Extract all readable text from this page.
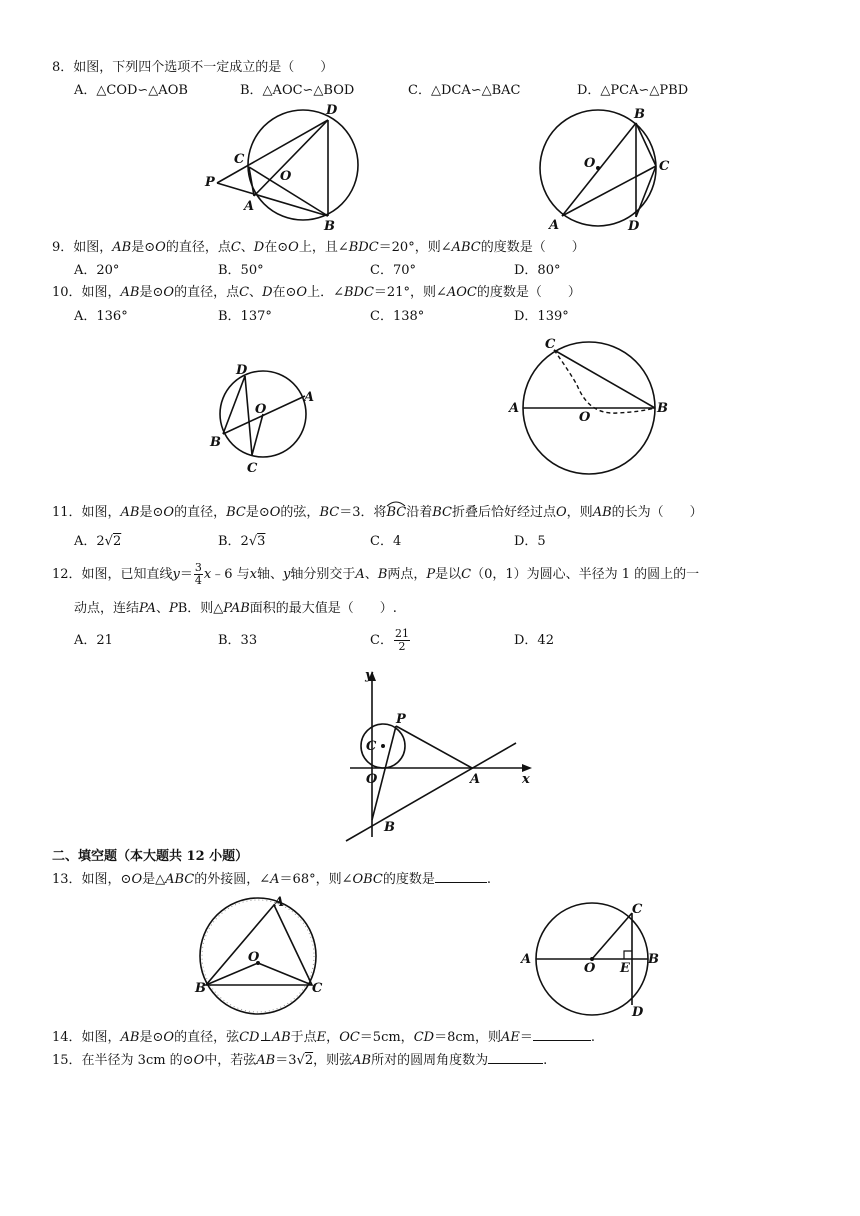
8．如图，下列四个选项不一定成立的是（　　）
A．△COD∽△AOB	B．△AOC∽△BOD	C．△DCA∽△BAC	D．△PCA∽△PBD
D
C
O
P
A
B
B
O	C
A	D
9．如图，AB是⊙O的直径，点C、D在⊙O上，且∠BDC＝20°，则∠ABC的度数是（　　）
A．20°	B．50°	C．70°	D．80°
10．如图，AB是⊙O的直径，点C、D在⊙O上．∠BDC＝21°，则∠AOC的度数是（　　）
A．136°	B．137°	C．138°	D．139°
D
O
A
B
C
C
A
O
B
11．如图，AB是⊙O的直径，BC是⊙O的弦，BC＝3．将
BC沿着BC折叠后恰好经过点O，则AB的长为（　　）
A．2√2	B．2√3	C．4	D．5
12．如图，已知直线$y= \frac{3}{4}$ x﹣6 与x轴、y轴分别交于A、B两点，P是以C（0，1）为圆心、半径为 1 的圆上的一
动点，连结PA、PB．则△PAB面积的最大值是（　　）.
A．21	B．33	C． $\frac{21}{2}$	D．42
y
x
P
C
O	A
B
二、填空题（本大题共 12 小题）
13．如图，⊙O是△ABC的外接圆，∠A＝68°，则∠OBC的度数是	.
A
O
B	C
C
A
O E
B
D
14．如图，AB是⊙O的直径，弦CD⊥AB于点E，OC＝5cm，CD＝8cm，则AE＝	.
15．在半径为 3cm 的⊙O中，若弦AB＝3√2，则弦AB所对的圆周角度数为	.
